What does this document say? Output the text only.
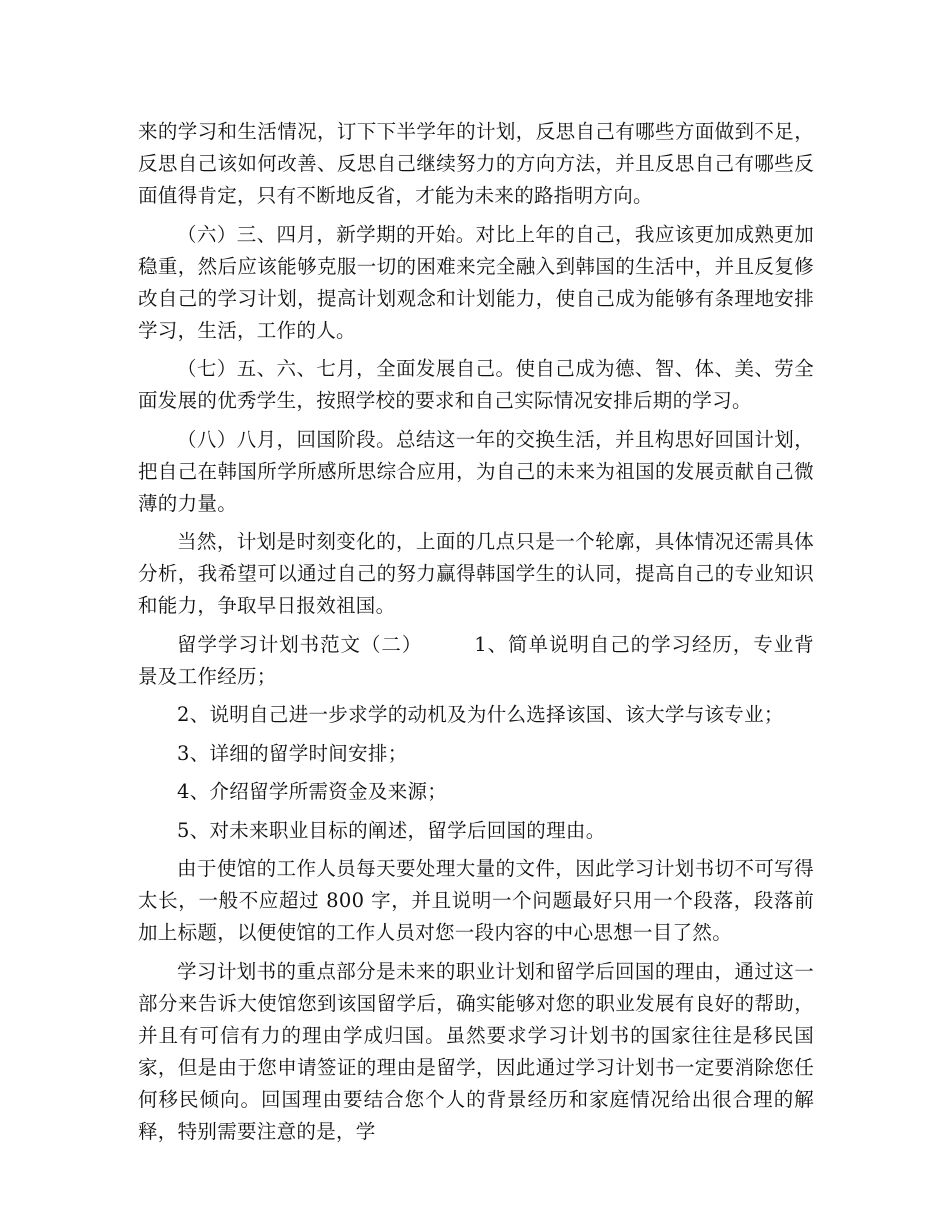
来的学习和生活情况，订下下半学年的计划，反思自己有哪些方面做到不足，反思自己该如何改善、反思自己继续努力的方向方法，并且反思自己有哪些反面值得肯定，只有不断地反省，才能为未来的路指明方向。

（六）三、四月，新学期的开始。对比上年的自己，我应该更加成熟更加稳重，然后应该能够克服一切的困难来完全融入到韩国的生活中，并且反复修改自己的学习计划，提高计划观念和计划能力，使自己成为能够有条理地安排学习，生活，工作的人。

（七）五、六、七月，全面发展自己。使自己成为德、智、体、美、劳全面发展的优秀学生，按照学校的要求和自己实际情况安排后期的学习。

（八）八月，回国阶段。总结这一年的交换生活，并且构思好回国计划，把自己在韩国所学所感所思综合应用，为自己的未来为祖国的发展贡献自己微薄的力量。

当然，计划是时刻变化的，上面的几点只是一个轮廓，具体情况还需具体分析，我希望可以通过自己的努力赢得韩国学生的认同，提高自己的专业知识和能力，争取早日报效祖国。

留学学习计划书范文（二）	1、简单说明自己的学习经历，专业背景及工作经历；

2、说明自己进一步求学的动机及为什么选择该国、该大学与该专业；

3、详细的留学时间安排；

4、介绍留学所需资金及来源；

5、对未来职业目标的阐述，留学后回国的理由。

由于使馆的工作人员每天要处理大量的文件，因此学习计划书切不可写得太长，一般不应超过 800 字，并且说明一个问题最好只用一个段落，段落前加上标题，以便使馆的工作人员对您一段内容的中心思想一目了然。

学习计划书的重点部分是未来的职业计划和留学后回国的理由，通过这一部分来告诉大使馆您到该国留学后，确实能够对您的职业发展有良好的帮助，并且有可信有力的理由学成归国。虽然要求学习计划书的国家往往是移民国家，但是由于您申请签证的理由是留学，因此通过学习计划书一定要消除您任何移民倾向。回国理由要结合您个人的背景经历和家庭情况给出很合理的解释，特别需要注意的是，学
